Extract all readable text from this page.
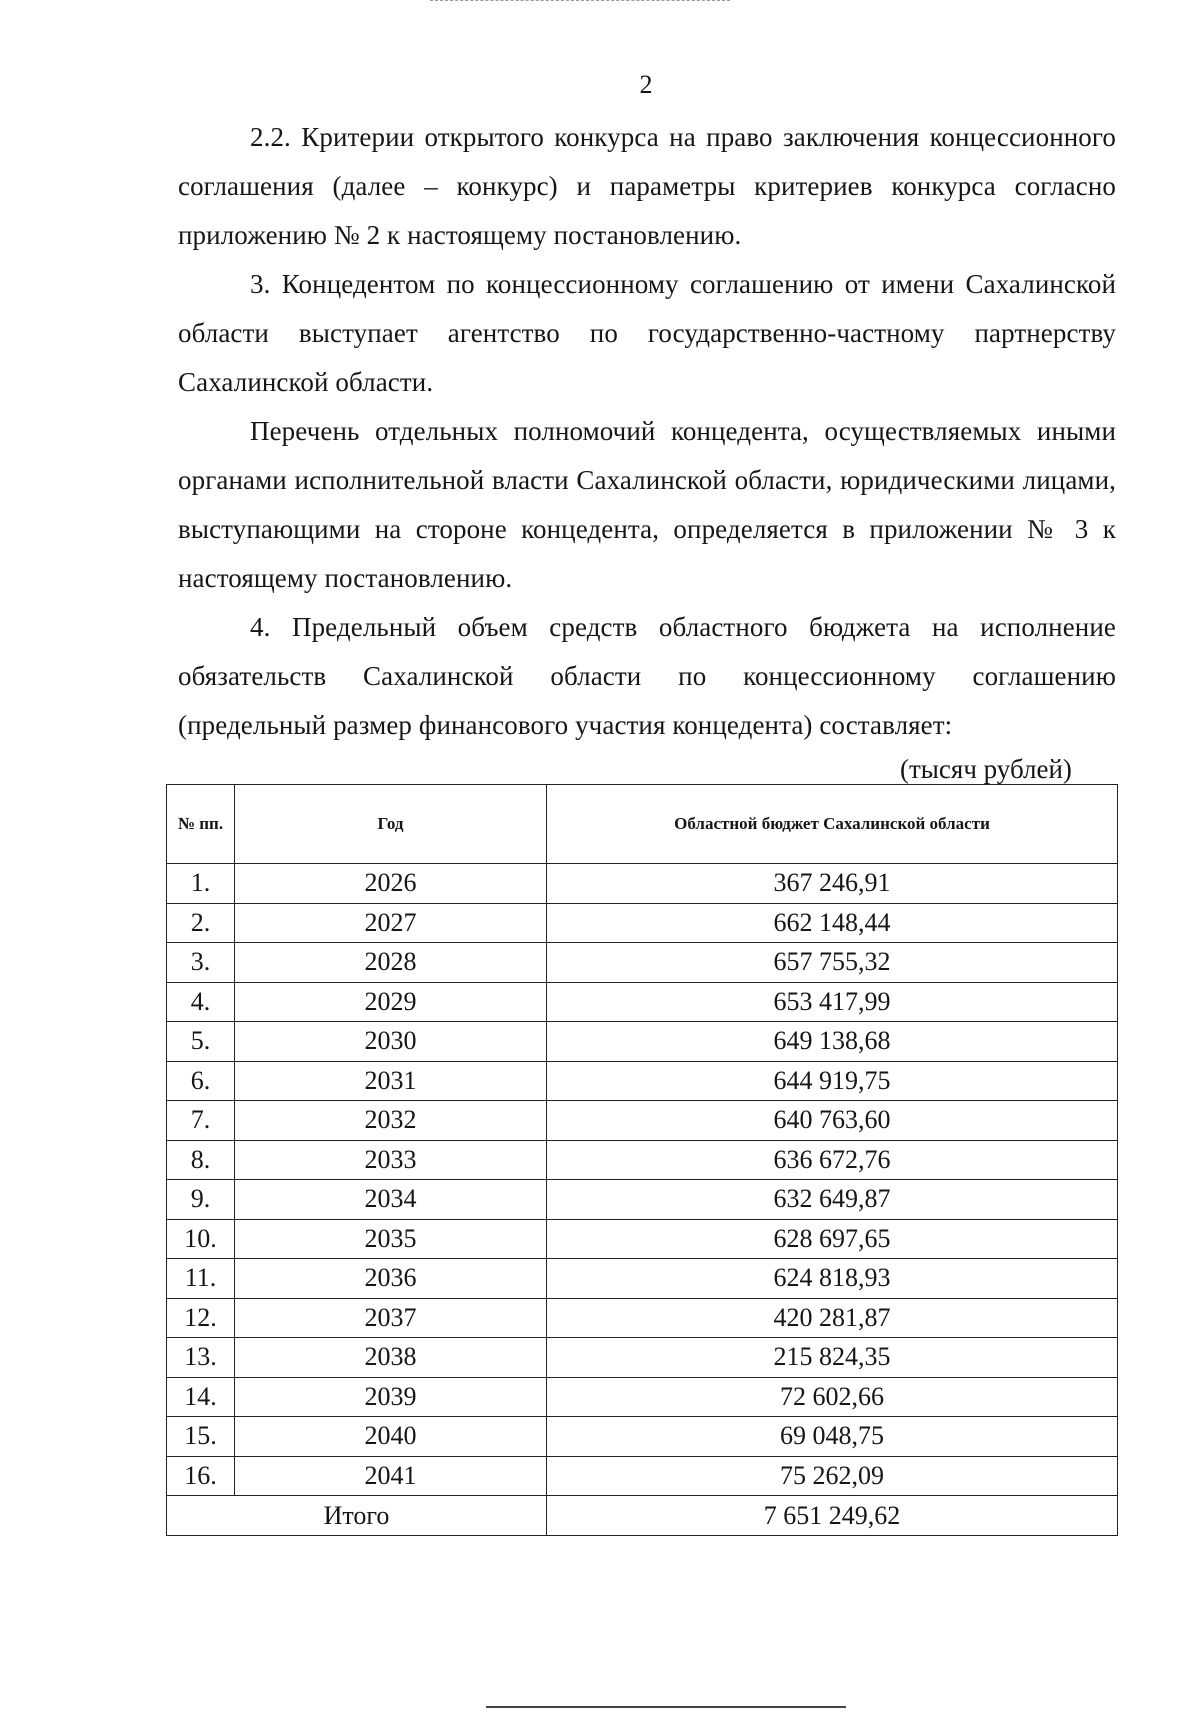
2

2.2. Критерии открытого конкурса на право заключения концессионного соглашения (далее – конкурс) и параметры критериев конкурса согласно приложению № 2 к настоящему постановлению.

3. Концедентом по концессионному соглашению от имени Сахалинской области выступает агентство по государственно-частному партнерству Сахалинской области.

Перечень отдельных полномочий концедента, осуществляемых иными органами исполнительной власти Сахалинской области, юридическими лицами, выступающими на стороне концедента, определяется в приложении № 3 к настоящему постановлению.

4. Предельный объем средств областного бюджета на исполнение обязательств Сахалинской области по концессионному соглашению (предельный размер финансового участия концедента) составляет:

(тысяч рублей)
№ пп.	Год	Областной бюджет Сахалинской области
1.	2026	367 246,91
2.	2027	662 148,44
3.	2028	657 755,32
4.	2029	653 417,99
5.	2030	649 138,68
6.	2031	644 919,75
7.	2032	640 763,60
8.	2033	636 672,76
9.	2034	632 649,87
10.	2035	628 697,65
11.	2036	624 818,93
12.	2037	420 281,87
13.	2038	215 824,35
14.	2039	72 602,66
15.	2040	69 048,75
16.	2041	75 262,09
Итого		7 651 249,62
